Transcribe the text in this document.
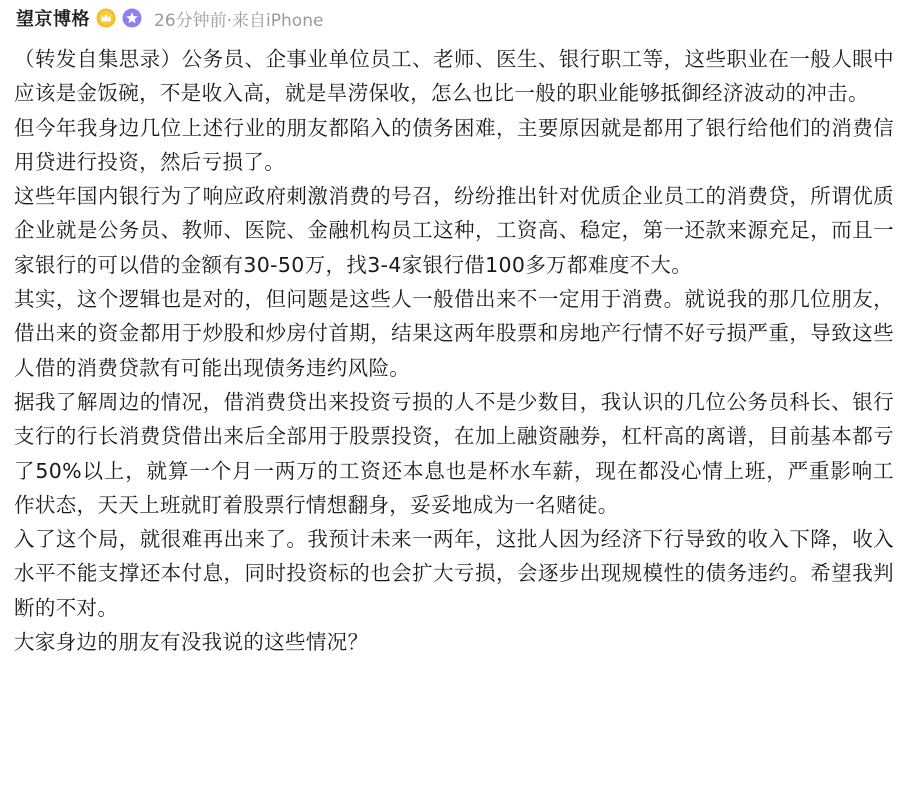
望京博格	26分钟前·来自iPhone

（转发自集思录）公务员、企事业单位员工、老师、医生、银行职工等，这些职业在一般人眼中应该是金饭碗，不是收入高，就是旱涝保收，怎么也比一般的职业能够抵御经济波动的冲击。

但今年我身边几位上述行业的朋友都陷入的债务困难，主要原因就是都用了银行给他们的消费信用贷进行投资，然后亏损了。

这些年国内银行为了响应政府刺激消费的号召，纷纷推出针对优质企业员工的消费贷，所谓优质企业就是公务员、教师、医院、金融机构员工这种，工资高、稳定，第一还款来源充足，而且一家银行的可以借的金额有30-50万，找3-4家银行借100多万都难度不大。

其实，这个逻辑也是对的，但问题是这些人一般借出来不一定用于消费。就说我的那几位朋友，借出来的资金都用于炒股和炒房付首期，结果这两年股票和房地产行情不好亏损严重，导致这些人借的消费贷款有可能出现债务违约风险。

据我了解周边的情况，借消费贷出来投资亏损的人不是少数目，我认识的几位公务员科长、银行支行的行长消费贷借出来后全部用于股票投资，在加上融资融券，杠杆高的离谱，目前基本都亏了50%以上，就算一个月一两万的工资还本息也是杯水车薪，现在都没心情上班，严重影响工作状态，天天上班就盯着股票行情想翻身，妥妥地成为一名赌徒。

入了这个局，就很难再出来了。我预计未来一两年，这批人因为经济下行导致的收入下降，收入水平不能支撑还本付息，同时投资标的也会扩大亏损，会逐步出现规模性的债务违约。希望我判断的不对。

大家身边的朋友有没我说的这些情况？
